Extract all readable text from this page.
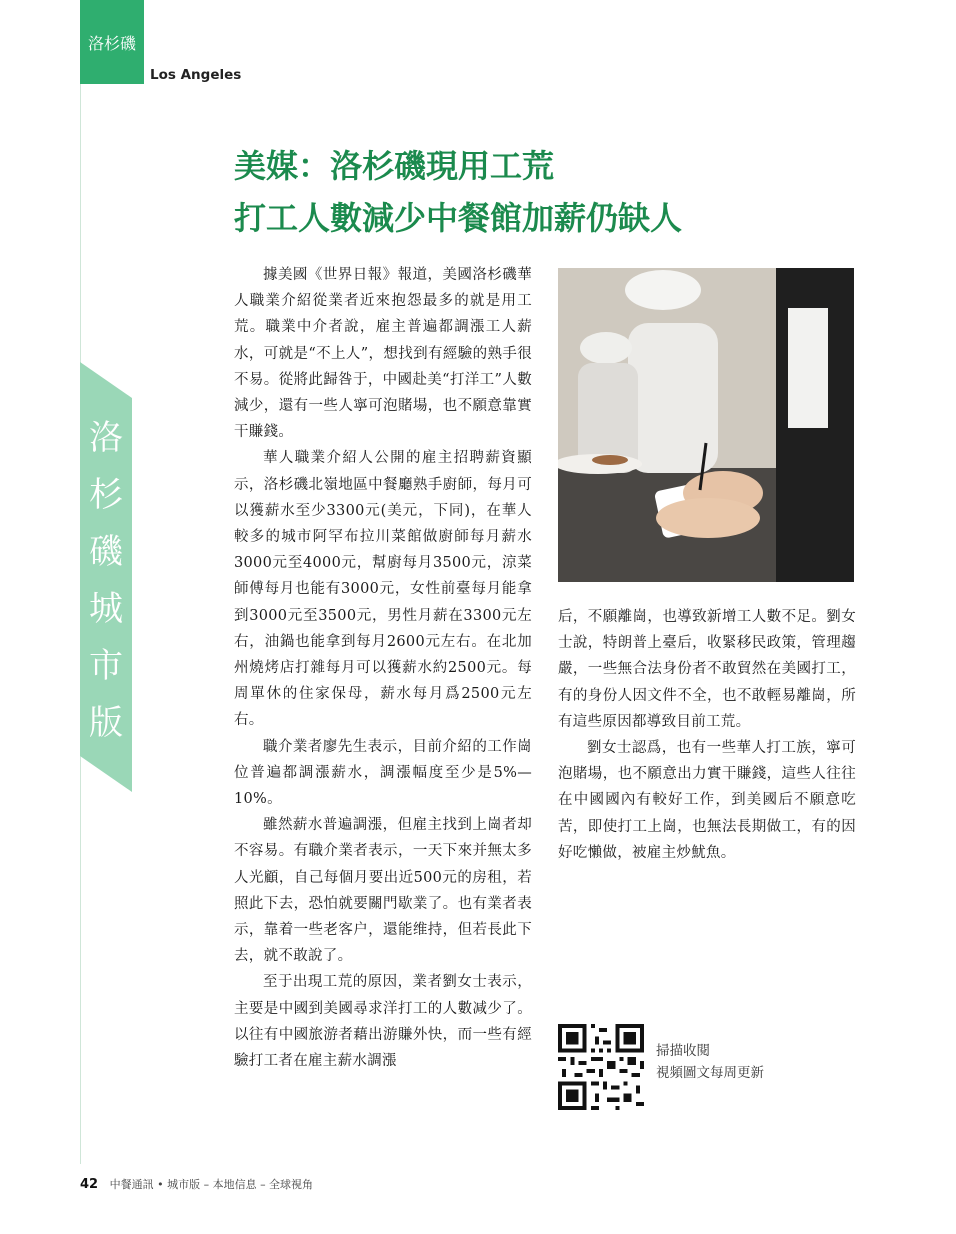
洛杉磯
Los Angeles
洛
杉
磯
城
市
版
美媒：洛杉磯現用工荒
打工人數減少中餐館加薪仍缺人

據美國《世界日報》報道，美國洛杉磯華人職業介紹從業者近來抱怨最多的就是用工荒。職業中介者說，雇主普遍都調漲工人薪水，可就是“不上人”，想找到有經驗的熟手很不易。從將此歸咎于，中國赴美“打洋工”人數減少，還有一些人寧可泡賭場，也不願意靠實干賺錢。

華人職業介紹人公開的雇主招聘薪資顯示，洛杉磯北嶺地區中餐廳熟手廚師，每月可以獲薪水至少3300元(美元，下同)，在華人較多的城市阿罕布拉川菜館做廚師每月薪水3000元至4000元，幫廚每月3500元，涼菜師傅每月也能有3000元，女性前臺每月能拿到3000元至3500元，男性月薪在3300元左右，油鍋也能拿到每月2600元左右。在北加州燒烤店打雜每月可以獲薪水約2500元。每周單休的住家保母，薪水每月爲2500元左右。

職介業者廖先生表示，目前介紹的工作崗位普遍都調漲薪水，調漲幅度至少是5%—10%。

雖然薪水普遍調漲，但雇主找到上崗者却不容易。有職介業者表示，一天下來并無太多人光顧，自己每個月要出近500元的房租，若照此下去，恐怕就要關門歇業了。也有業者表示，靠着一些老客户，還能维持，但若長此下去，就不敢說了。

至于出現工荒的原因，業者劉女士表示，主要是中國到美國尋求洋打工的人數减少了。以往有中國旅游者藉出游賺外快，而一些有經驗打工者在雇主薪水調漲

后，不願離崗，也導致新增工人數不足。劉女士說，特朗普上臺后，收緊移民政策，管理趨嚴，一些無合法身份者不敢貿然在美國打工，有的身份人因文件不全，也不敢輕易離崗，所有這些原因都導致目前工荒。

劉女士認爲，也有一些華人打工族，寧可泡賭場，也不願意出力實干賺錢，這些人往往在中國國內有較好工作，到美國后不願意吃苦，即使打工上崗，也無法長期做工，有的因好吃懶做，被雇主炒魷魚。

掃描收閱
視頻圖文每周更新
42 中餐通訊 • 城市版 – 本地信息 – 全球視角
